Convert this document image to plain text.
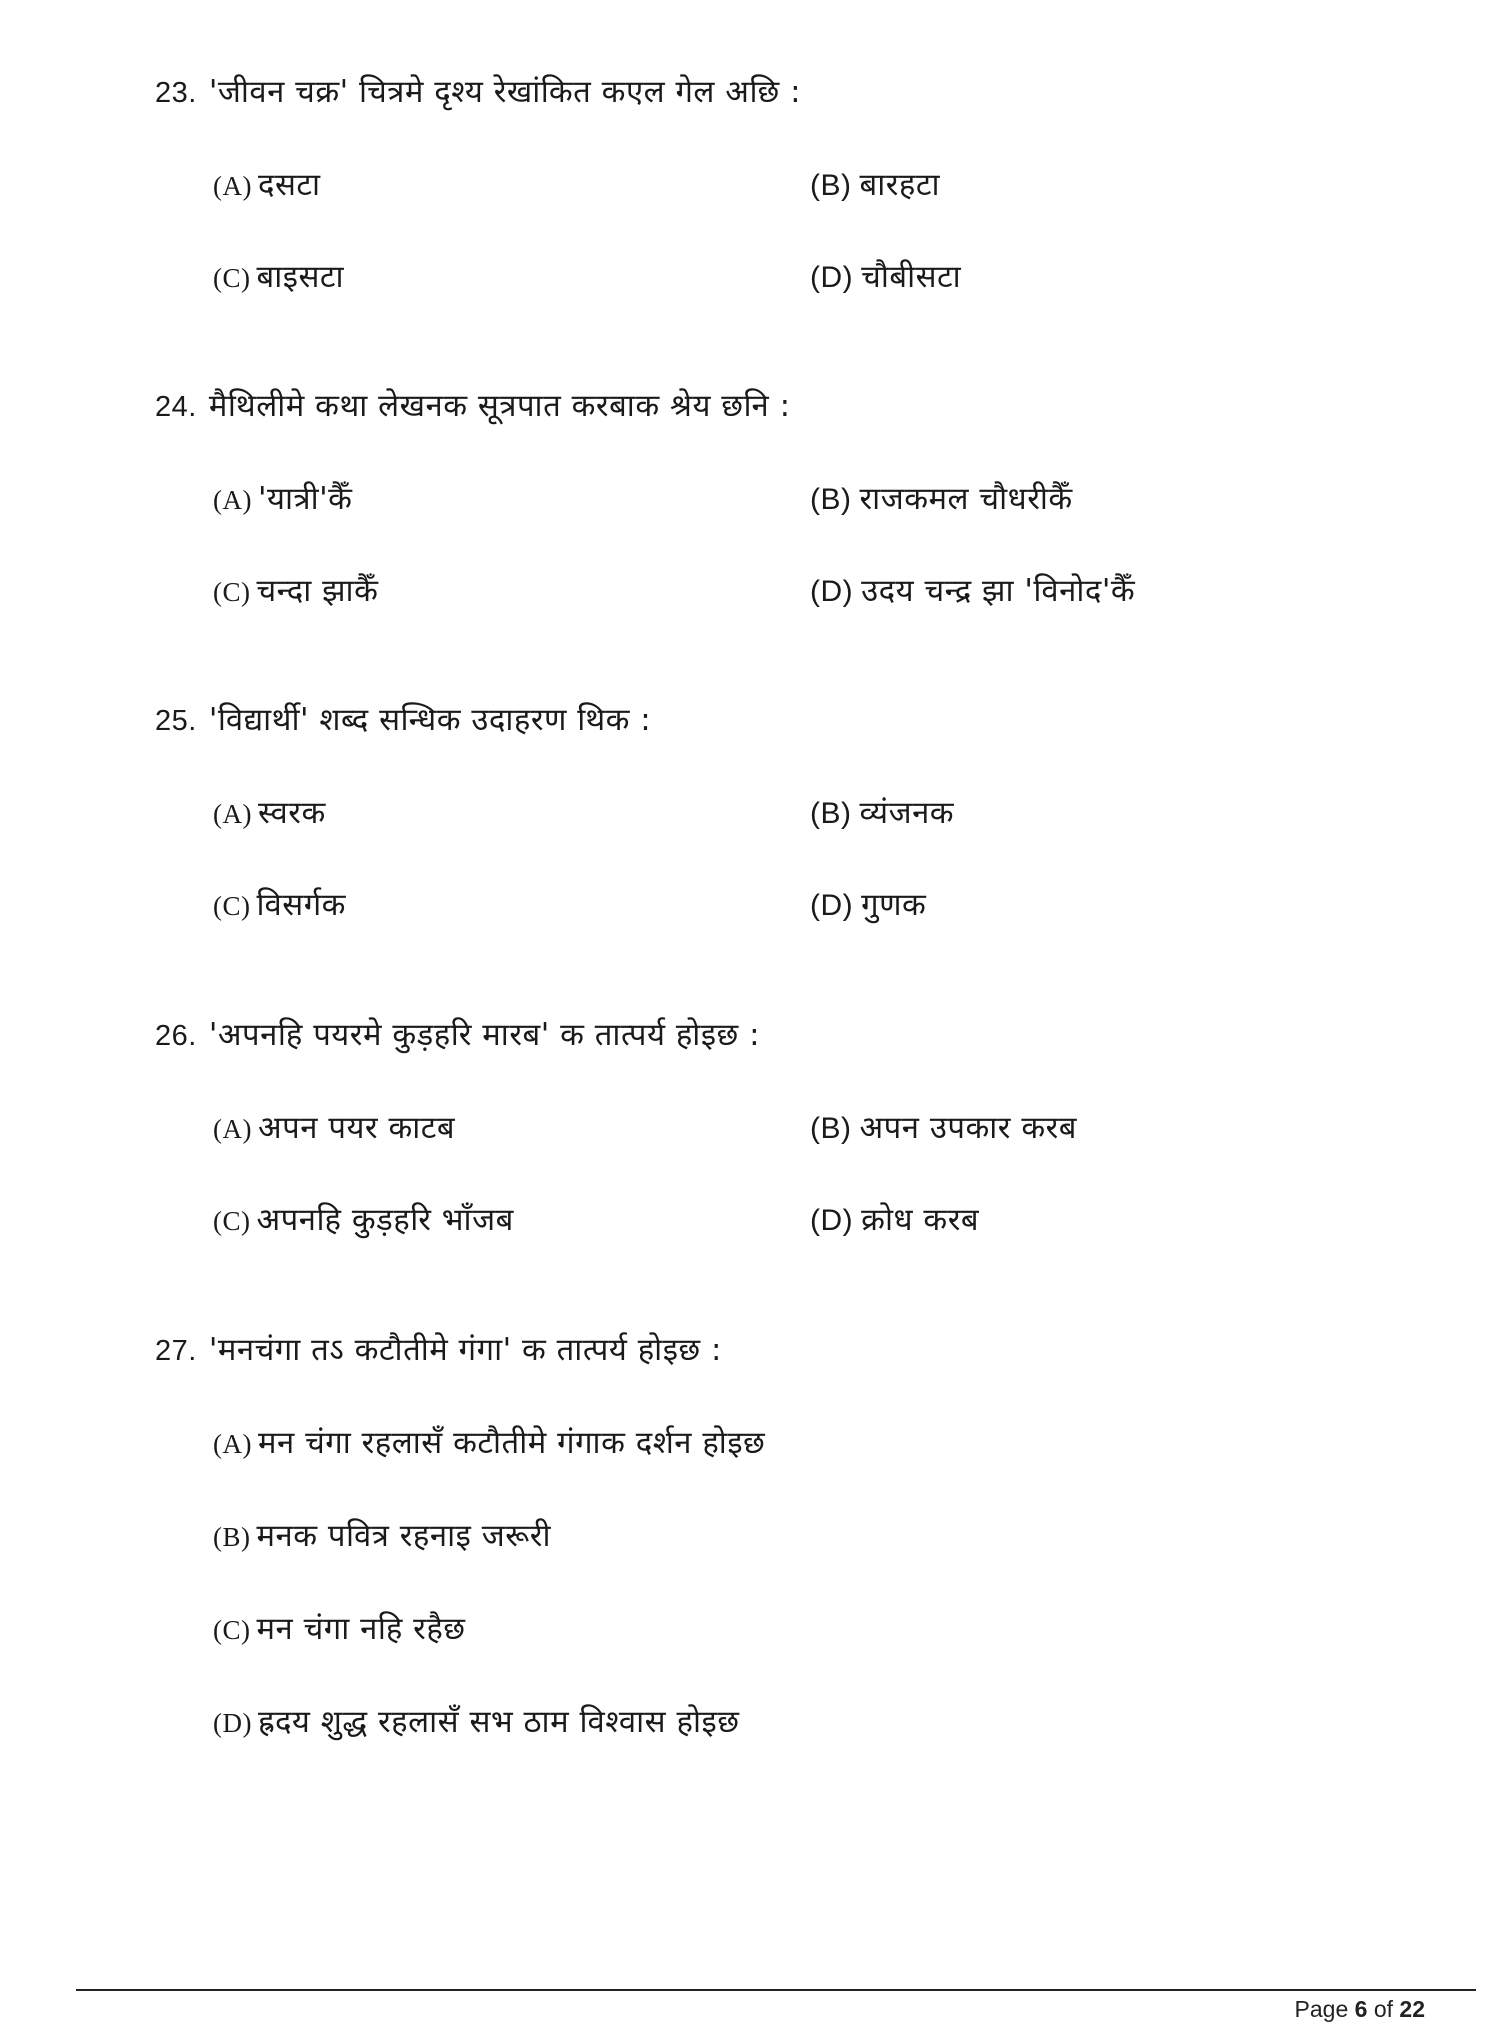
23. 'जीवन चक्र' चित्रमे दृश्य रेखांकित कएल गेल अछि :
(A) दसटा	(B) बारहटा
(C) बाइसटा	(D) चौबीसटा
24. मैथिलीमे कथा लेखनक सूत्रपात करबाक श्रेय छनि :
(A) 'यात्री'कैँ	(B) राजकमल चौधरीकैँ
(C) चन्दा झाकैँ	(D) उदय चन्द्र झा 'विनोद'कैँ
25. 'विद्यार्थी' शब्द सन्धिक उदाहरण थिक :
(A) स्वरक	(B) व्यंजनक
(C) विसर्गक	(D) गुणक
26. 'अपनहि पयरमे कुड़हरि मारब' क तात्पर्य होइछ :
(A) अपन पयर काटब	(B) अपन उपकार करब
(C) अपनहि कुड़हरि भाँजब	(D) क्रोध करब
27. 'मनचंगा तऽ कटौतीमे गंगा' क तात्पर्य होइछ :
(A) मन चंगा रहलासँ कटौतीमे गंगाक दर्शन होइछ
(B) मनक पवित्र रहनाइ जरूरी
(C) मन चंगा नहि रहैछ
(D) ह्रदय शुद्ध रहलासँ सभ ठाम विश्वास होइछ
Page 6 of 22
